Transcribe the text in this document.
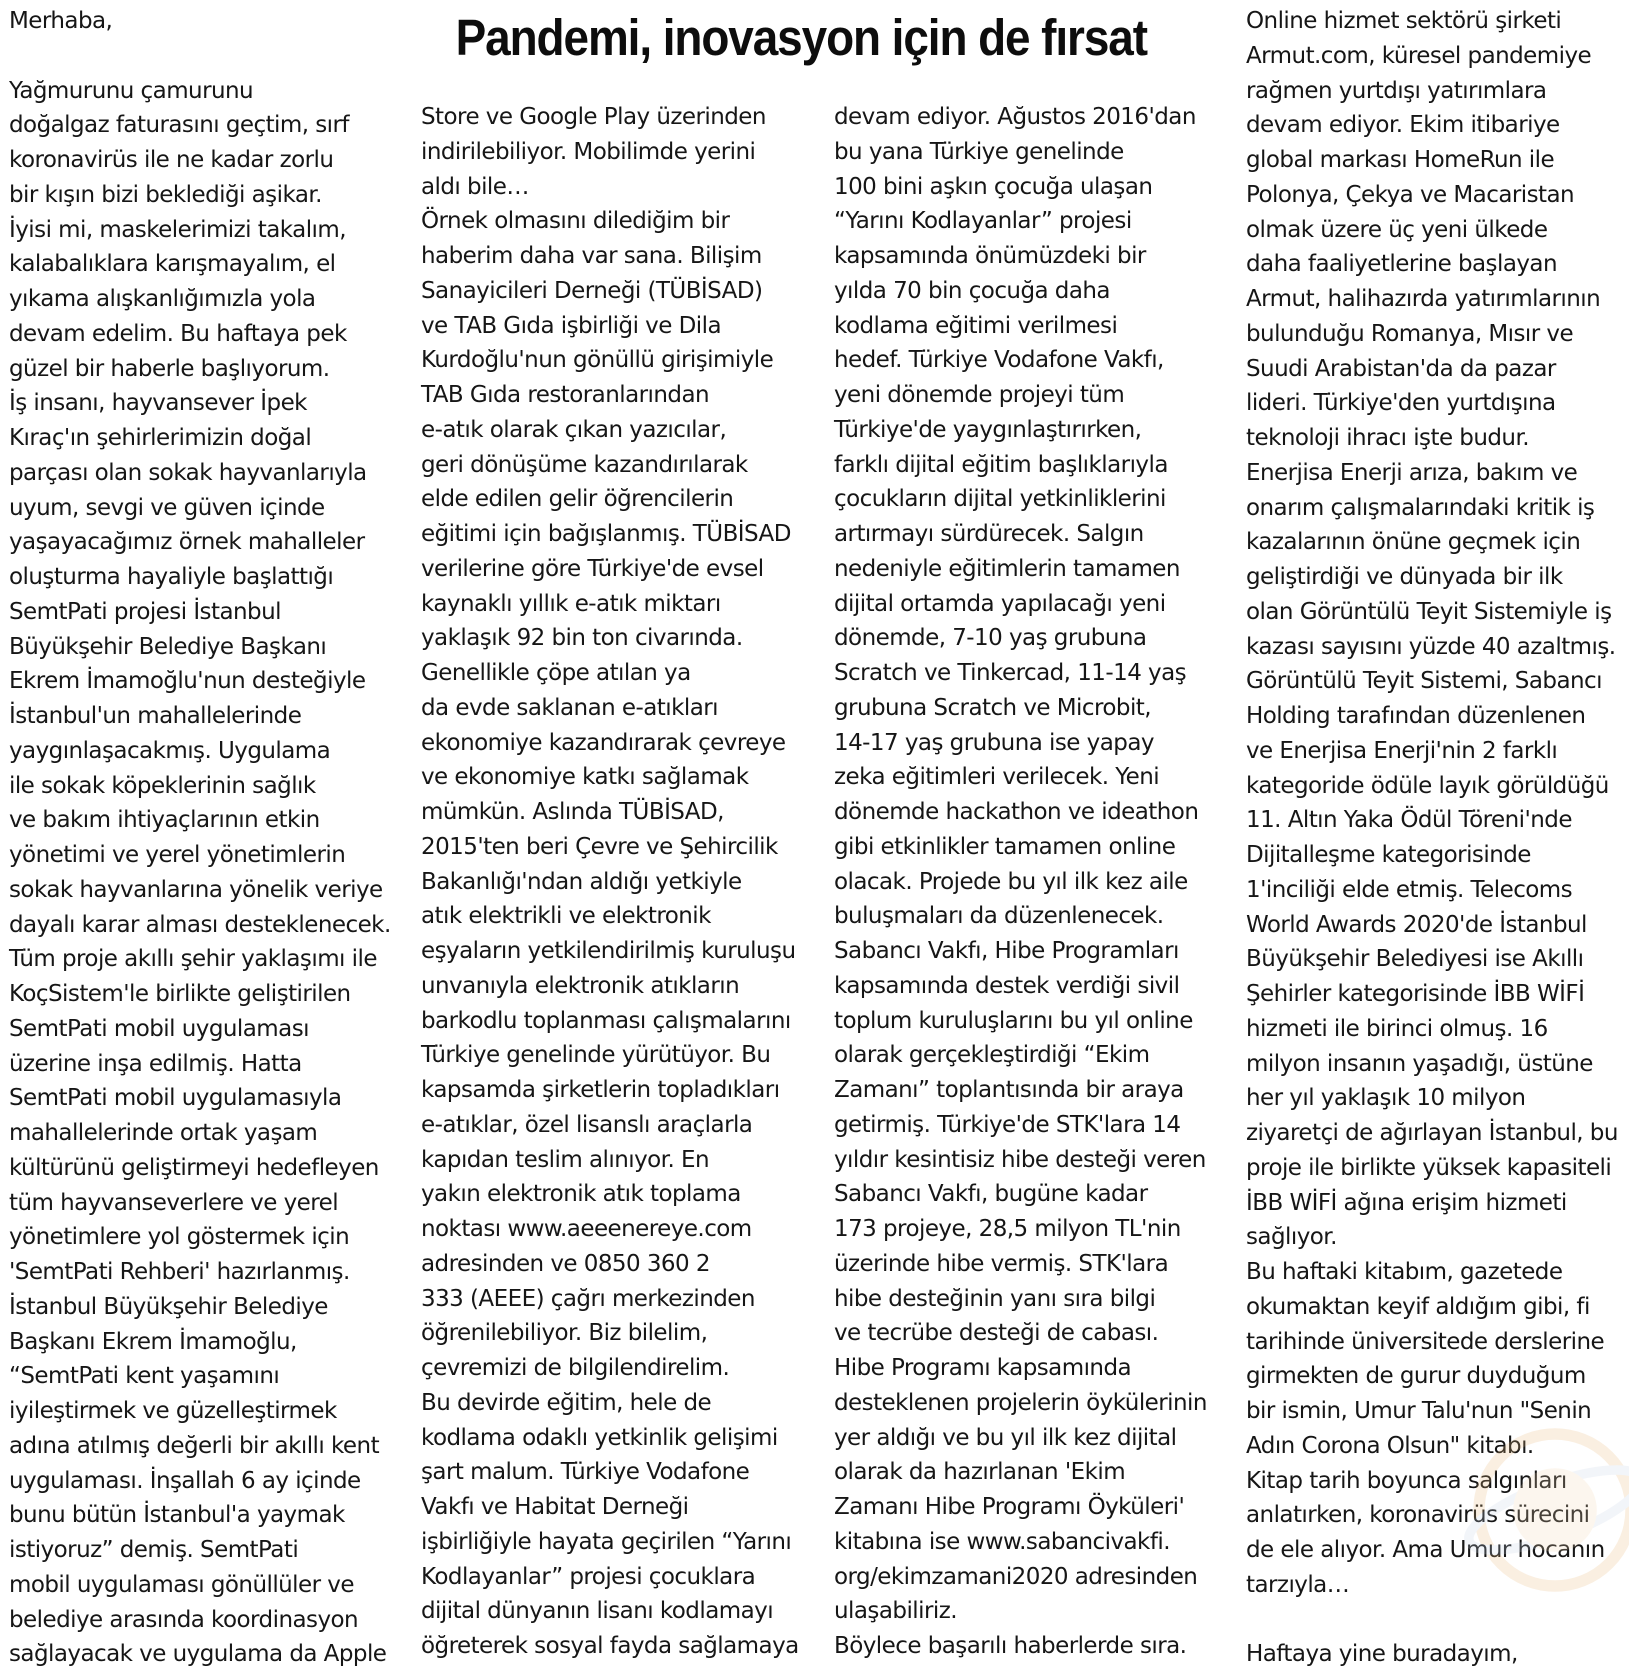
Pandemi, inovasyon için de fırsat
Merhaba,
Yağmurunu çamurunu
doğalgaz faturasını geçtim, sırf
koronavirüs ile ne kadar zorlu
bir kışın bizi beklediği aşikar.
İyisi mi, maskelerimizi takalım,
kalabalıklara karışmayalım, el
yıkama alışkanlığımızla yola
devam edelim. Bu haftaya pek
güzel bir haberle başlıyorum.
İş insanı, hayvansever İpek
Kıraç'ın şehirlerimizin doğal
parçası olan sokak hayvanlarıyla
uyum, sevgi ve güven içinde
yaşayacağımız örnek mahalleler
oluşturma hayaliyle başlattığı
SemtPati projesi İstanbul
Büyükşehir Belediye Başkanı
Ekrem İmamoğlu'nun desteğiyle
İstanbul'un mahallelerinde
yaygınlaşacakmış. Uygulama
ile sokak köpeklerinin sağlık
ve bakım ihtiyaçlarının etkin
yönetimi ve yerel yönetimlerin
sokak hayvanlarına yönelik veriye
dayalı karar alması desteklenecek.
Tüm proje akıllı şehir yaklaşımı ile
KoçSistem'le birlikte geliştirilen
SemtPati mobil uygulaması
üzerine inşa edilmiş. Hatta
SemtPati mobil uygulamasıyla
mahallelerinde ortak yaşam
kültürünü geliştirmeyi hedefleyen
tüm hayvanseverlere ve yerel
yönetimlere yol göstermek için
'SemtPati Rehberi' hazırlanmış.
İstanbul Büyükşehir Belediye
Başkanı Ekrem İmamoğlu,
“SemtPati kent yaşamını
iyileştirmek ve güzelleştirmek
adına atılmış değerli bir akıllı kent
uygulaması. İnşallah 6 ay içinde
bunu bütün İstanbul'a yaymak
istiyoruz” demiş. SemtPati
mobil uygulaması gönüllüler ve
belediye arasında koordinasyon
sağlayacak ve uygulama da Apple
Store ve Google Play üzerinden
indirilebiliyor. Mobilimde yerini
aldı bile…
Örnek olmasını dilediğim bir
haberim daha var sana. Bilişim
Sanayicileri Derneği (TÜBİSAD)
ve TAB Gıda işbirliği ve Dila
Kurdoğlu'nun gönüllü girişimiyle
TAB Gıda restoranlarından
e-atık olarak çıkan yazıcılar,
geri dönüşüme kazandırılarak
elde edilen gelir öğrencilerin
eğitimi için bağışlanmış. TÜBİSAD
verilerine göre Türkiye'de evsel
kaynaklı yıllık e-atık miktarı
yaklaşık 92 bin ton civarında.
Genellikle çöpe atılan ya
da evde saklanan e-atıkları
ekonomiye kazandırarak çevreye
ve ekonomiye katkı sağlamak
mümkün. Aslında TÜBİSAD,
2015'ten beri Çevre ve Şehircilik
Bakanlığı'ndan aldığı yetkiyle
atık elektrikli ve elektronik
eşyaların yetkilendirilmiş kuruluşu
unvanıyla elektronik atıkların
barkodlu toplanması çalışmalarını
Türkiye genelinde yürütüyor. Bu
kapsamda şirketlerin topladıkları
e-atıklar, özel lisanslı araçlarla
kapıdan teslim alınıyor. En
yakın elektronik atık toplama
noktası www.aeeenereye.com
adresinden ve 0850 360 2
333 (AEEE) çağrı merkezinden
öğrenilebiliyor. Biz bilelim,
çevremizi de bilgilendirelim.
Bu devirde eğitim, hele de
kodlama odaklı yetkinlik gelişimi
şart malum. Türkiye Vodafone
Vakfı ve Habitat Derneği
işbirliğiyle hayata geçirilen “Yarını
Kodlayanlar” projesi çocuklara
dijital dünyanın lisanı kodlamayı
öğreterek sosyal fayda sağlamaya
devam ediyor. Ağustos 2016'dan
bu yana Türkiye genelinde
100 bini aşkın çocuğa ulaşan
“Yarını Kodlayanlar” projesi
kapsamında önümüzdeki bir
yılda 70 bin çocuğa daha
kodlama eğitimi verilmesi
hedef. Türkiye Vodafone Vakfı,
yeni dönemde projeyi tüm
Türkiye'de yaygınlaştırırken,
farklı dijital eğitim başlıklarıyla
çocukların dijital yetkinliklerini
artırmayı sürdürecek. Salgın
nedeniyle eğitimlerin tamamen
dijital ortamda yapılacağı yeni
dönemde, 7-10 yaş grubuna
Scratch ve Tinkercad, 11-14 yaş
grubuna Scratch ve Microbit,
14-17 yaş grubuna ise yapay
zeka eğitimleri verilecek. Yeni
dönemde hackathon ve ideathon
gibi etkinlikler tamamen online
olacak. Projede bu yıl ilk kez aile
buluşmaları da düzenlenecek.
Sabancı Vakfı, Hibe Programları
kapsamında destek verdiği sivil
toplum kuruluşlarını bu yıl online
olarak gerçekleştirdiği “Ekim
Zamanı” toplantısında bir araya
getirmiş. Türkiye'de STK'lara 14
yıldır kesintisiz hibe desteği veren
Sabancı Vakfı, bugüne kadar
173 projeye, 28,5 milyon TL'nin
üzerinde hibe vermiş. STK'lara
hibe desteğinin yanı sıra bilgi
ve tecrübe desteği de cabası.
Hibe Programı kapsamında
desteklenen projelerin öykülerinin
yer aldığı ve bu yıl ilk kez dijital
olarak da hazırlanan 'Ekim
Zamanı Hibe Programı Öyküleri'
kitabına ise www.sabancivakfi.
org/ekimzamani2020 adresinden
ulaşabiliriz.
Böylece başarılı haberlerde sıra.
Online hizmet sektörü şirketi
Armut.com, küresel pandemiye
rağmen yurtdışı yatırımlara
devam ediyor. Ekim itibariye
global markası HomeRun ile
Polonya, Çekya ve Macaristan
olmak üzere üç yeni ülkede
daha faaliyetlerine başlayan
Armut, halihazırda yatırımlarının
bulunduğu Romanya, Mısır ve
Suudi Arabistan'da da pazar
lideri. Türkiye'den yurtdışına
teknoloji ihracı işte budur.
Enerjisa Enerji arıza, bakım ve
onarım çalışmalarındaki kritik iş
kazalarının önüne geçmek için
geliştirdiği ve dünyada bir ilk
olan Görüntülü Teyit Sistemiyle iş
kazası sayısını yüzde 40 azaltmış.
Görüntülü Teyit Sistemi, Sabancı
Holding tarafından düzenlenen
ve Enerjisa Enerji'nin 2 farklı
kategoride ödüle layık görüldüğü
11. Altın Yaka Ödül Töreni'nde
Dijitalleşme kategorisinde
1'inciliği elde etmiş. Telecoms
World Awards 2020'de İstanbul
Büyükşehir Belediyesi ise Akıllı
Şehirler kategorisinde İBB WİFİ
hizmeti ile birinci olmuş. 16
milyon insanın yaşadığı, üstüne
her yıl yaklaşık 10 milyon
ziyaretçi de ağırlayan İstanbul, bu
proje ile birlikte yüksek kapasiteli
İBB WİFİ ağına erişim hizmeti
sağlıyor.
Bu haftaki kitabım, gazetede
okumaktan keyif aldığım gibi, fi
tarihinde üniversitede derslerine
girmekten de gurur duyduğum
bir ismin, Umur Talu'nun "Senin
Adın Corona Olsun" kitabı.
Kitap tarih boyunca salgınları
anlatırken, koronavirüs sürecini
de ele alıyor. Ama Umur hocanın
tarzıyla…
Haftaya yine buradayım,
